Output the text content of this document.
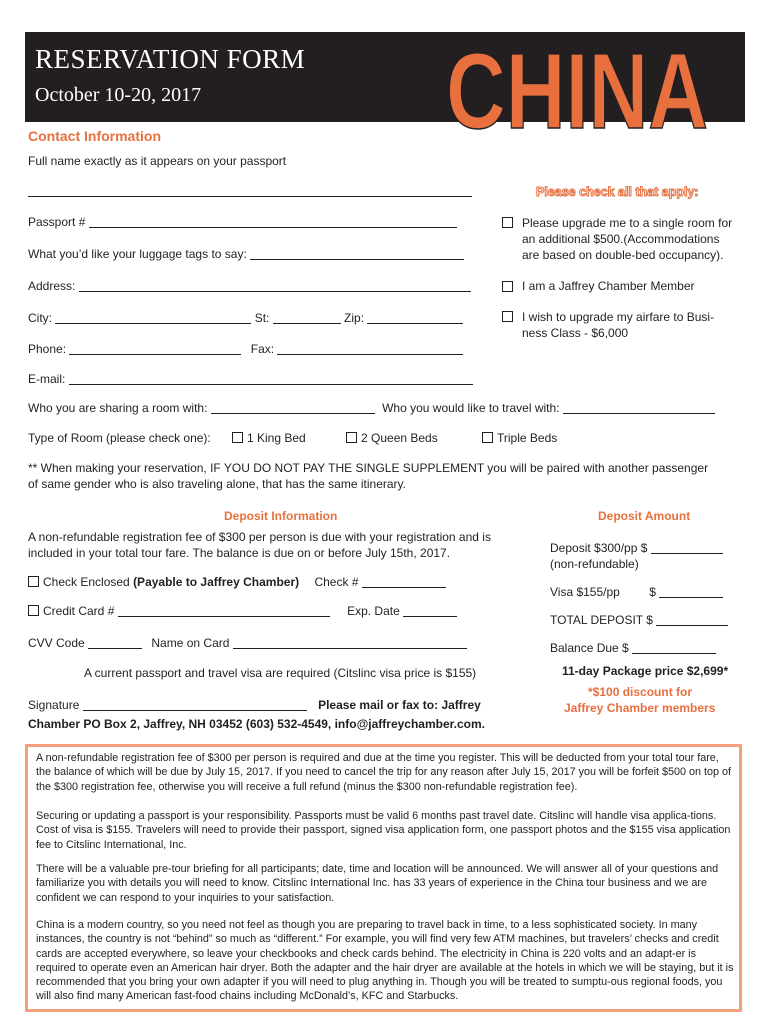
RESERVATION FORM
October 10-20, 2017 CHINA
Contact Information
Full name exactly as it appears on your passport
Passport #
What you’d like your luggage tags to say:
Address:
City:	St:	Zip:
Phone:	Fax:
E-mail:
Who you are sharing a room with:	Who you would like to travel with:
Type of Room (please check one):	1 King Bed	2 Queen Beds	Triple Beds
** When making your reservation, IF YOU DO NOT PAY THE SINGLE SUPPLEMENT you will be paired with another passenger
of same gender who is also traveling alone, that has the same itinerary.
Please check all that apply:
Please upgrade me to a single room for
an additional $500.(Accommodations
are based on double-bed occupancy).
I am a Jaffrey Chamber Member
I wish to upgrade my airfare to Busi-
ness Class - $6,000
Deposit Information
A non-refundable registration fee of $300 per person is due with your registration and is
included in your total tour fare. The balance is due on or before July 15th, 2017.
Check Enclosed (Payable to Jaffrey Chamber) Check #
Credit Card #	Exp. Date
CVV Code	Name on Card
A current passport and travel visa are required (Citslinc visa price is $155)
Signature	Please mail or fax to: Jaffrey
Chamber PO Box 2, Jaffrey, NH 03452 (603) 532-4549, info@jaffreychamber.com.
Deposit Amount
Deposit $300/pp $
(non-refundable)
Visa $155/pp $
TOTAL DEPOSIT $
Balance Due $
11-day Package price $2,699*
*$100 discount for
Jaffrey Chamber members
A non-refundable registration fee of $300 per person is required and due at the time you register. This will be deducted from your total tour fare, the balance of which will be due by July 15, 2017. If you need to cancel the trip for any reason after July 15, 2017 you will be forfeit $500 on top of the $300 registration fee, otherwise you will receive a full refund (minus the $300 non-refundable registration fee).
Securing or updating a passport is your responsibility. Passports must be valid 6 months past travel date. Citslinc will handle visa applica-tions. Cost of visa is $155. Travelers will need to provide their passport, signed visa application form, one passport photos and the $155 visa application fee to Citslinc International, Inc.
There will be a valuable pre-tour briefing for all participants; date, time and location will be announced. We will answer all of your questions and familiarize you with details you will need to know. Citslinc International Inc. has 33 years of experience in the China tour business and we are confident we can respond to your inquiries to your satisfaction.
China is a modern country, so you need not feel as though you are preparing to travel back in time, to a less sophisticated society. In many instances, the country is not “behind” so much as “different.” For example, you will find very few ATM machines, but travelers’ checks and credit cards are accepted everywhere, so leave your checkbooks and check cards behind. The electricity in China is 220 volts and an adapt-er is required to operate even an American hair dryer. Both the adapter and the hair dryer are available at the hotels in which we will be staying, but it is recommended that you bring your own adapter if you will need to plug anything in. Though you will be treated to sumptu-ous regional foods, you will also find many American fast-food chains including McDonald’s, KFC and Starbucks.
